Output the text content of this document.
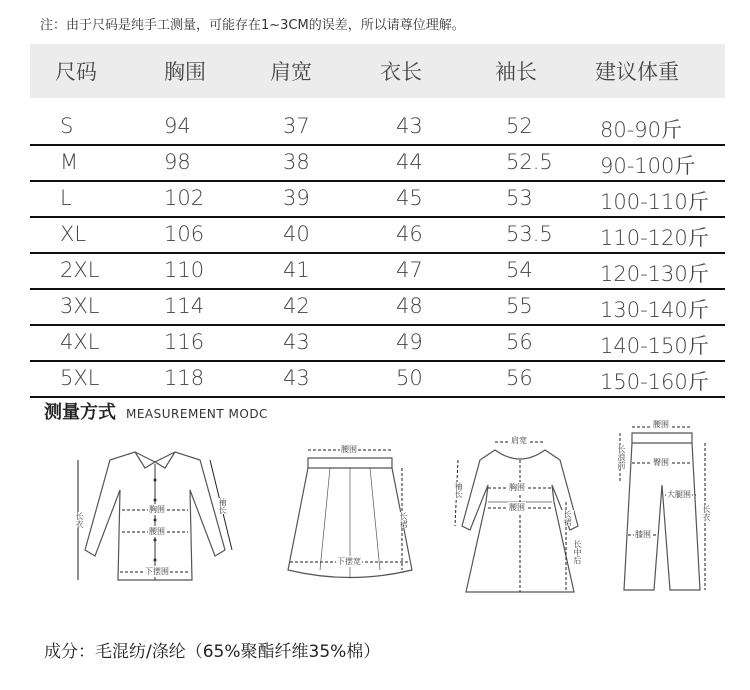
注：由于尺码是纯手工测量，可能存在1~3CM的误差，所以请尊位理解。
尺码	胸围	肩宽	衣长	袖长	建议体重
S	94	37	43	52	80-90斤
M	98	38	44	52.5 90-100斤
L	102	39	45	53	100-110斤
XL	106	40	46	53.5 110-120斤
2XL	110	41	47	54	120-130斤
3XL	114	42	48	55	130-140斤
4XL	116	43	49	56	140-150斤
5XL	118	43	50	56	150-160斤
测量方式 MEASUREMENT MODC
胸围
腰围
下摆围
长衣
袖长
腰围
下摆宽
长裙
肩宽
胸围
腰围
袖长
长裙
长中后
腰围
臀围
大腿围
膝围
长浪前
长衣
成分：毛混纺/涤纶（65%聚酯纤维35%棉）
